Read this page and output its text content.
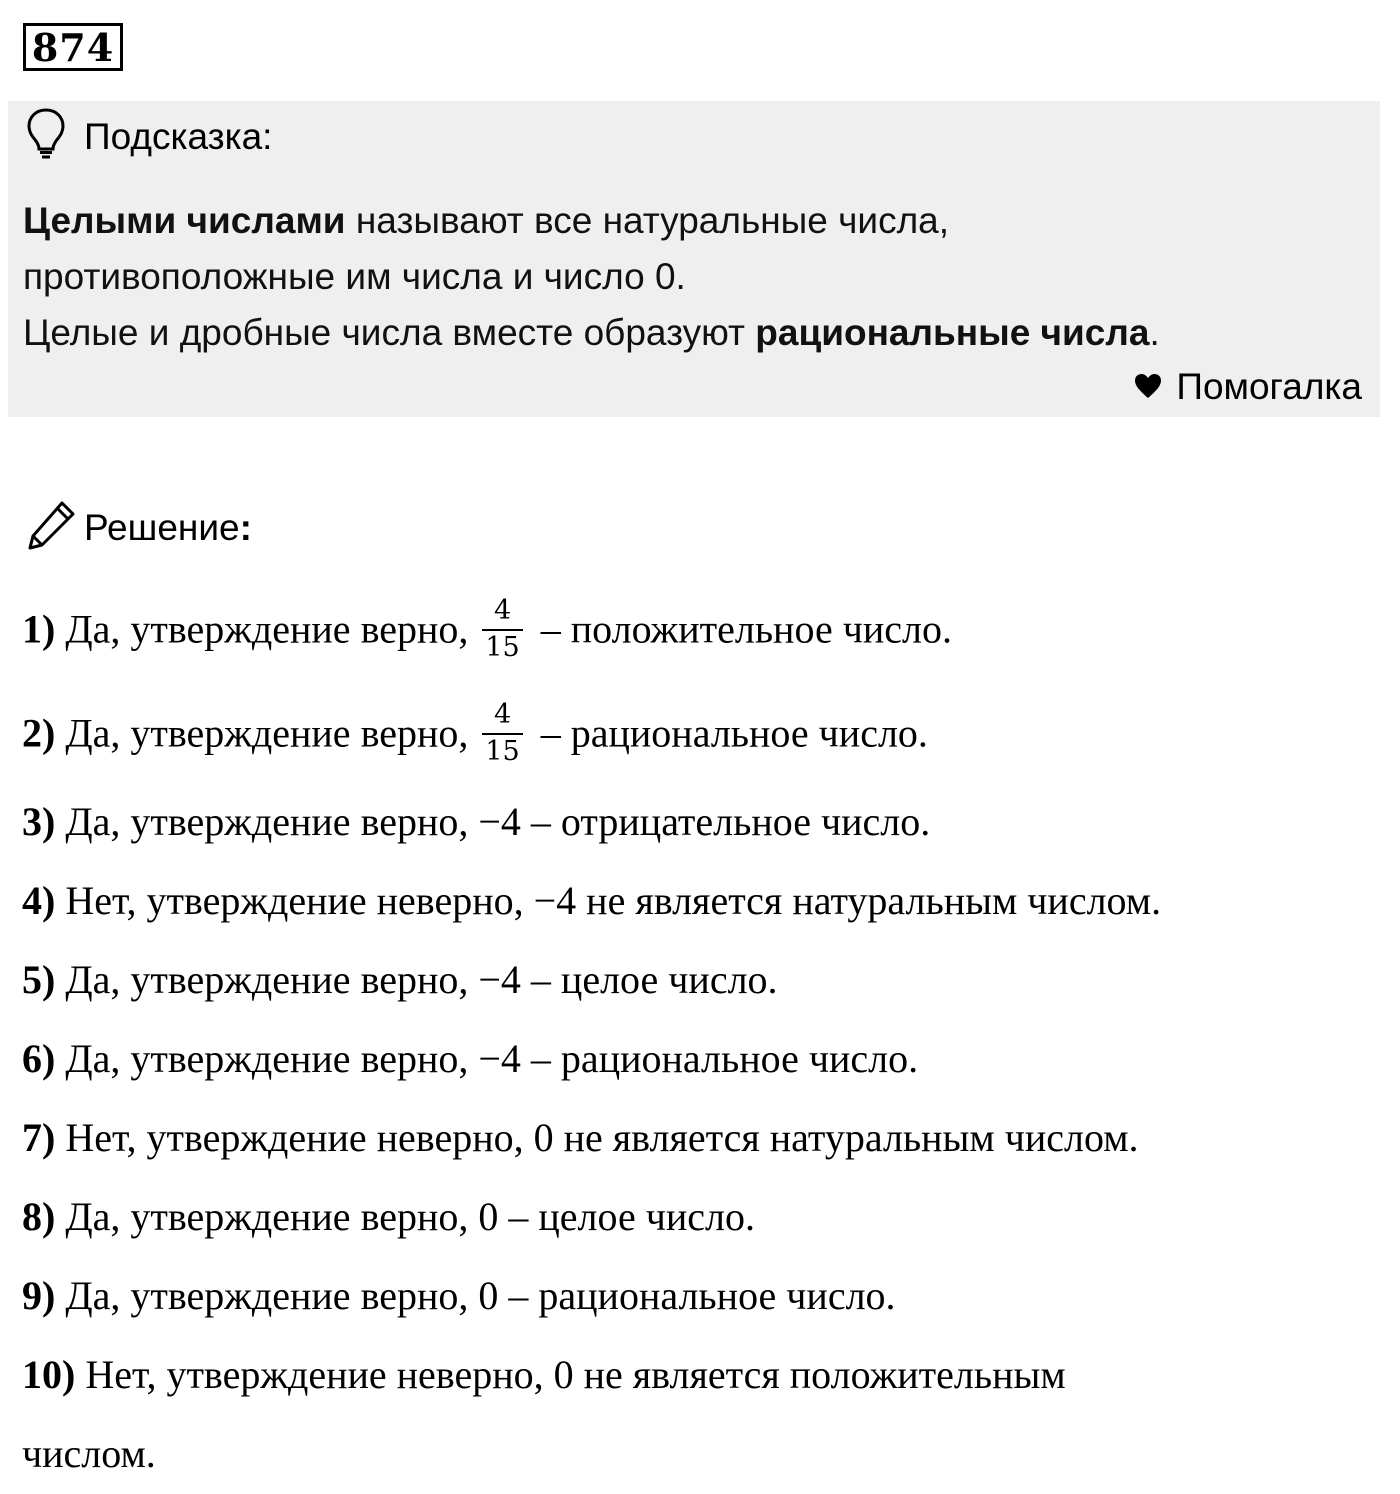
874
Подсказка:
Целыми числами называют все натуральные числа,
противоположные им числа и число 0.
Целые и дробные числа вместе образуют рациональные числа.
Помогалка
Решение:
1) Да, утверждение верно, $\frac{4}{15}$ – положительное число.
2) Да, утверждение верно, $\frac{4}{15}$ – рациональное число.
3) Да, утверждение верно, −4 – отрицательное число.
4) Нет, утверждение неверно, −4 не является натуральным числом.
5) Да, утверждение верно, −4 – целое число.
6) Да, утверждение верно, −4 – рациональное число.
7) Нет, утверждение неверно, 0 не является натуральным числом.
8) Да, утверждение верно, 0 – целое число.
9) Да, утверждение верно, 0 – рациональное число.
10) Нет, утверждение неверно, 0 не является положительным
числом.
